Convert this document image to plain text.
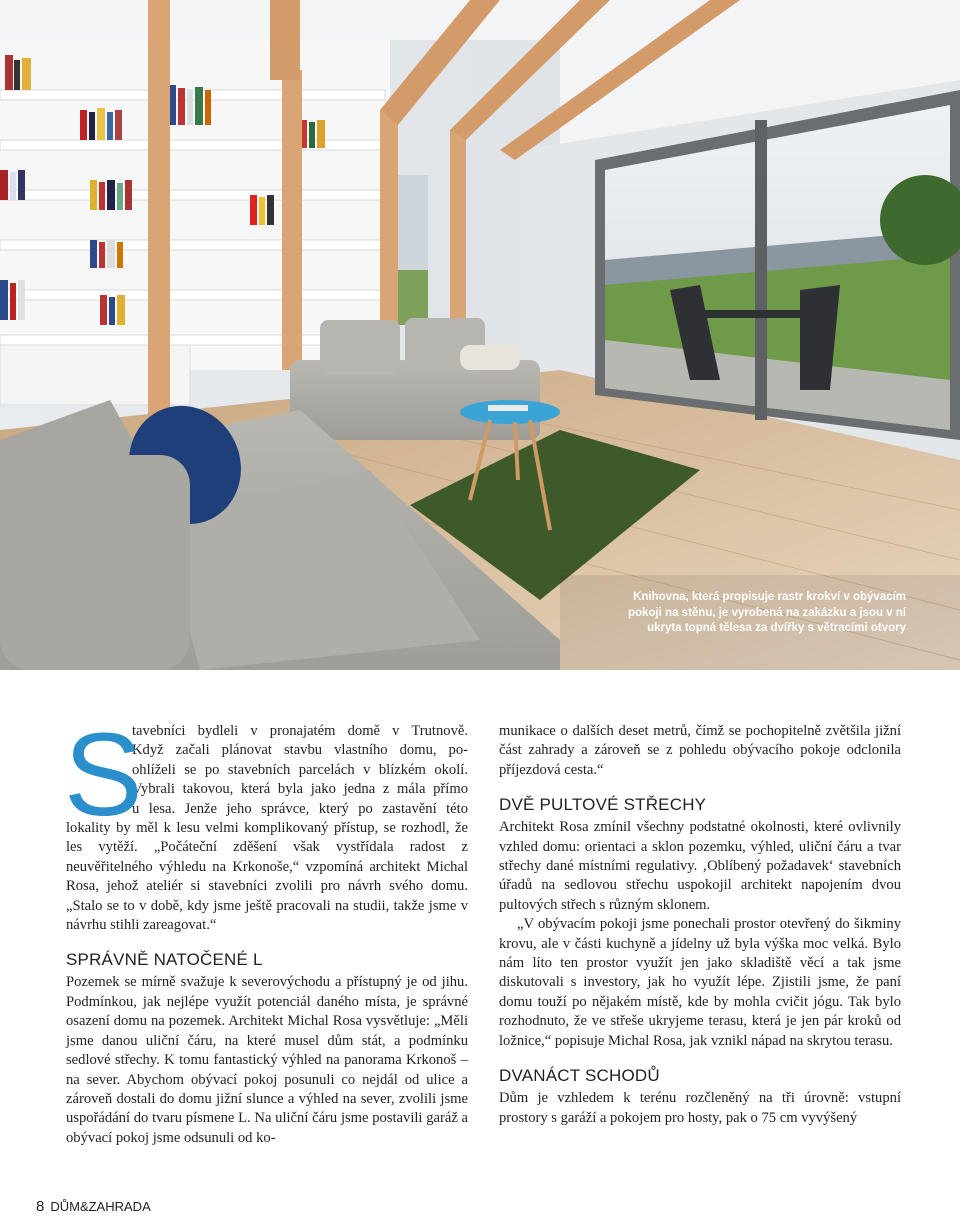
Knihovna, která propisuje rastr krokví v obývacím pokoji na stěnu, je vyrobená na zakázku a jsou v ní ukryta topná tělesa za dvířky s větracími otvory

S
tavebníci bydleli v pronajatém domě v Trutnově.
Když začali plánovat stavbu vlastního domu, po-
ohlíželi se po stavebních parcelách v blízkém okolí.
Vybrali takovou, která byla jako jedna z mála přímo
u lesa. Jenže jeho správce, který po zastavění této

lokality by měl k lesu velmi komplikovaný přístup, se rozhodl, že les vytěží. „Počáteční zděšení však vystřídala radost z neuvěřitelného výhledu na Krkonoše,“ vzpomíná architekt Michal Rosa, jehož ateliér si stavebníci zvolili pro návrh svého domu. „Stalo se to v době, kdy jsme ještě pracovali na studii, takže jsme v návrhu stihli zareagovat.“

SPRÁVNĚ NATOČENÉ L

Pozemek se mírně svažuje k severovýchodu a přístupný je od jihu. Podmínkou, jak nejlépe využít potenciál daného místa, je správné osazení domu na pozemek. Architekt Michal Rosa vysvětluje: „Měli jsme danou uliční čáru, na které musel dům stát, a podmínku sedlové střechy. K tomu fantastický výhled na panorama Krkonoš – na sever. Abychom obývací pokoj posunuli co nejdál od ulice a zároveň dostali do domu jižní slunce a výhled na sever, zvolili jsme uspořádání do tvaru písmene L. Na uliční čáru jsme postavili garáž a obývací pokoj jsme odsunuli od ko-

munikace o dalších deset metrů, čímž se pochopitelně zvětšila jižní část zahrady a zároveň se z pohledu obývacího pokoje odclonila příjezdová cesta.“

DVĚ PULTOVÉ STŘECHY

Architekt Rosa zmínil všechny podstatné okolnosti, které ovlivnily vzhled domu: orientaci a sklon pozemku, výhled, uliční čáru a tvar střechy dané místními regulativy. ‚Oblíbený požadavek‘ stavebních úřadů na sedlovou střechu uspokojil architekt napojením dvou pultových střech s různým sklonem.

„V obývacím pokoji jsme ponechali prostor otevřený do šikminy krovu, ale v části kuchyně a jídelny už byla výška moc velká. Bylo nám líto ten prostor využít jen jako skladiště věcí a tak jsme diskutovali s investory, jak ho využít lépe. Zjistili jsme, že paní domu touží po nějakém místě, kde by mohla cvičit jógu. Tak bylo rozhodnuto, že ve střeše ukryjeme terasu, která je jen pár kroků od ložnice,“ popisuje Michal Rosa, jak vznikl nápad na skrytou terasu.

DVANÁCT SCHODŮ

Dům je vzhledem k terénu rozčleněný na tři úrovně: vstupní prostory s garáží a pokojem pro hosty, pak o 75 cm vyvýšený

8 DŮM&ZAHRADA
